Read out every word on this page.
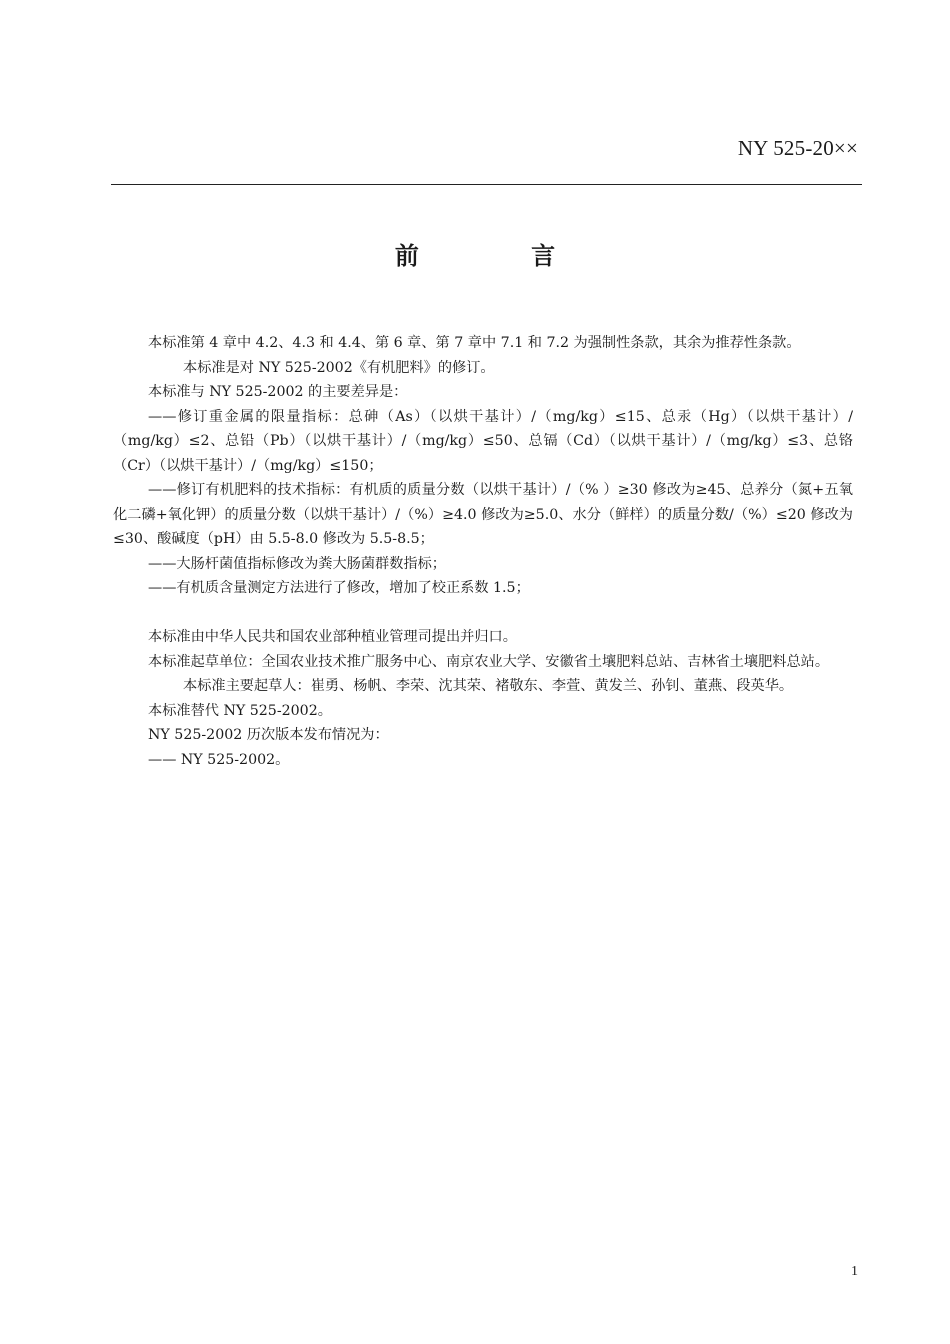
NY 525-20××
前 言

本标准第 4 章中 4.2、4.3 和 4.4、第 6 章、第 7 章中 7.1 和 7.2 为强制性条款，其余为推荐性条款。

本标准是对 NY 525-2002《有机肥料》的修订。

本标准与 NY 525-2002 的主要差异是：

——修订重金属的限量指标：总砷（As）（以烘干基计）/（mg/kg）≤15、总汞（Hg）（以烘干基计）/（mg/kg）≤2、总铅（Pb）（以烘干基计）/（mg/kg）≤50、总镉（Cd）（以烘干基计）/（mg/kg）≤3、总铬（Cr）（以烘干基计）/（mg/kg）≤150；

——修订有机肥料的技术指标：有机质的质量分数（以烘干基计）/（% ）≥30 修改为≥45、总养分（氮+五氧化二磷+氧化钾）的质量分数（以烘干基计）/（%）≥4.0 修改为≥5.0、水分（鲜样）的质量分数/（%）≤20 修改为≤30、酸碱度（pH）由 5.5-8.0 修改为 5.5-8.5；

——大肠杆菌值指标修改为粪大肠菌群数指标；

——有机质含量测定方法进行了修改，增加了校正系数 1.5；

本标准由中华人民共和国农业部种植业管理司提出并归口。

本标准起草单位：全国农业技术推广服务中心、南京农业大学、安徽省土壤肥料总站、吉林省土壤肥料总站。

本标准主要起草人：崔勇、杨帆、李荣、沈其荣、褚敬东、李萱、黄发兰、孙钊、董燕、段英华。

本标准替代 NY 525-2002。

NY 525-2002 历次版本发布情况为：

—— NY 525-2002。

1
